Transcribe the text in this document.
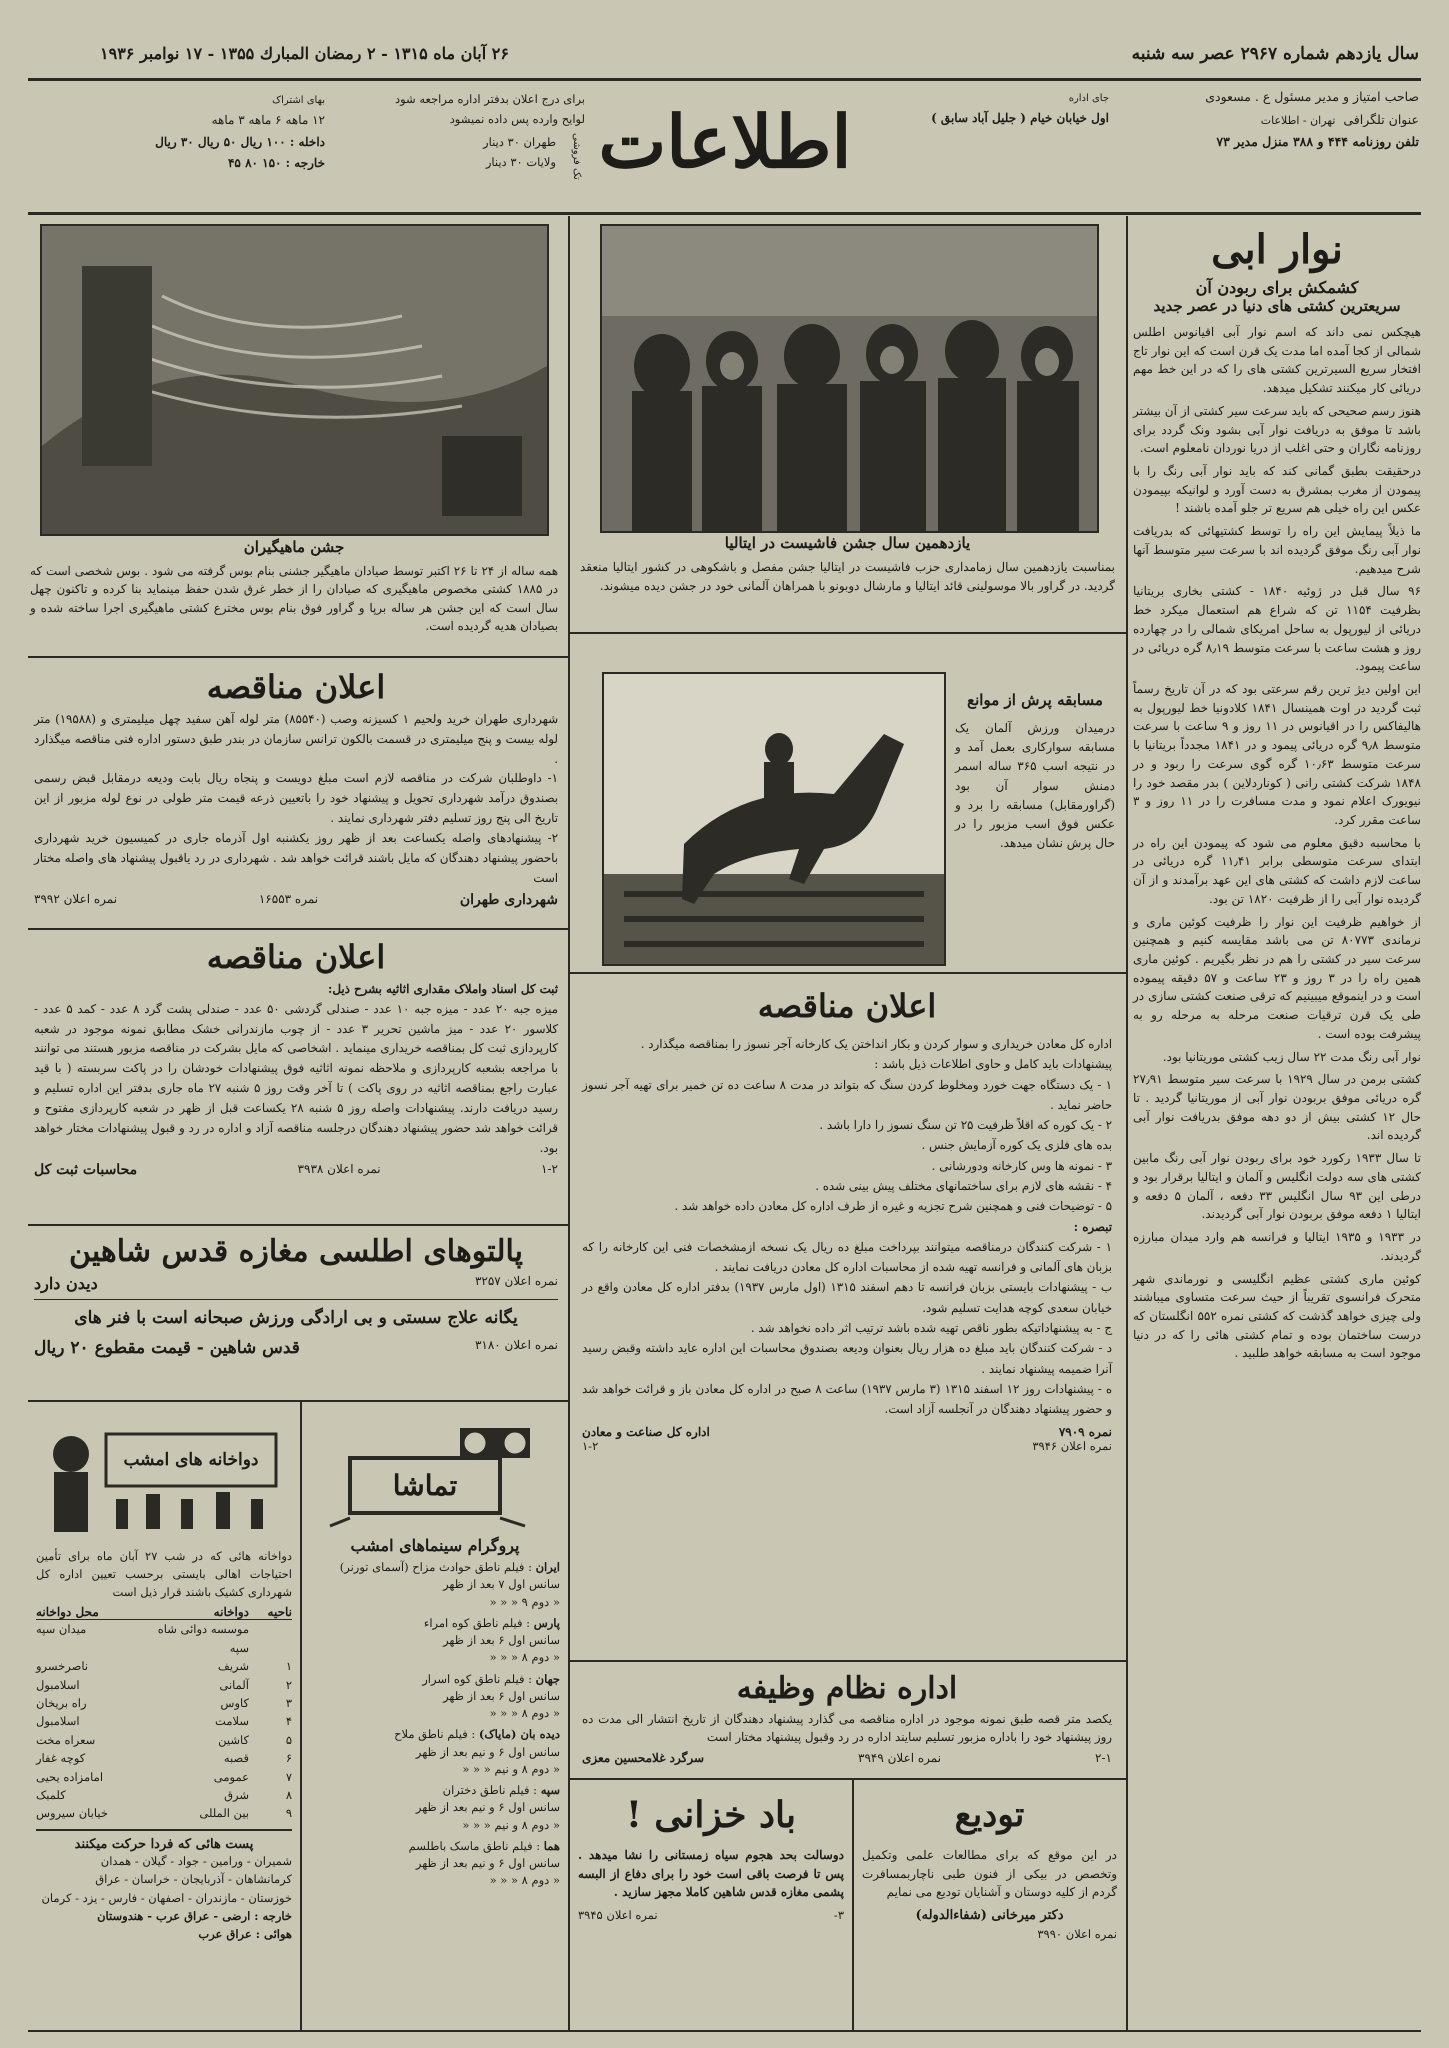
سال یازدهم شماره ۲۹۶۷ عصر سه شنبه
۲۶ آبان ماه ۱۳۱۵ - ۲ رمضان المبارك ۱۳۵۵ - ۱۷ نوامبر ۱۹۳۶
صاحب امتیاز و مدیر مسئول ع . مسعودی
عنوان تلگرافی  تهران - اطلاعات
تلفن روزنامه ۴۴۴ و ۳۸۸ منزل مدیر ۷۳
جای اداره
اول خیابان خیام ( جلیل آباد سابق )
اطلاعات
برای درج اعلان بدفتر اداره مراجعه شود
لوایح وارده پس داده نمیشود
تک فروشی
طهران ۳۰ دینار
ولایات ۳۰ دینار
بهای اشتراک
۱۲ ماهه ۶ ماهه ۳ ماهه
داخله : ۱۰۰ ریال ۵۰ ریال ۳۰ ریال
خارجه : ۱۵۰ ۸۰ ۴۵
نوار ابی
کشمکش برای ربودن آن
سریعترین کشتی های دنیا در عصر جدید

هیچکس نمی داند که اسم نوار آبی اقیانوس اطلس شمالی از کجا آمده اما مدت یک قرن است که این نوار تاج افتخار سریع السیرترین کشتی های را که در این خط مهم دریائی کار میکنند تشکیل میدهد.

هنوز رسم صحیحی که باید سرعت سیر کشتی از آن بیشتر باشد تا موفق به دریافت نوار آبی بشود ونک گردد برای روزنامه نگاران و حتی اغلب از دریا نوردان نامعلوم است.

درحقیقت بطبق گمانی کند که باید نوار آبی رنگ را با پیمودن از مغرب بمشرق به دست آورد و لوانیکه بپیمودن عکس این راه خیلی هم سریع تر جلو آمده باشند !

ما ذیلاً پیمایش این راه را توسط کشتیهائی که بدریافت نوار آبی رنگ موفق گردیده اند با سرعت سیر متوسط آنها شرح میدهیم.

۹۶ سال قبل در ژوئیه ۱۸۴۰ - کشتی بخاری بریتانیا بظرفیت ۱۱۵۴ تن که شراع هم استعمال میکرد خط دریائی از لیورپول به ساحل امریکای شمالی را در چهارده روز و هشت ساعت با سرعت متوسط ۸٫۱۹ گره دریائی در ساعت پیمود.

این اولین دیژ ترین رقم سرعتی بود که در آن تاریخ رسماً ثبت گردید در اوت همینسال ۱۸۴۱ کلادونیا خط لیورپول به هالیفاکس را در اقیانوس در ۱۱ روز و ۹ ساعت با سرعت متوسط ۹٫۸ گره دریائی پیمود و در ۱۸۴۱ مجدداً بریتانیا با سرعت متوسط ۱۰٫۶۳ گره گوی سرعت را ربود و در ۱۸۴۸ شرکت کشتی رانی ( کوناردلاین ) بدر مقصد خود را نیویورک اعلام نمود و مدت مسافرت را در ۱۱ روز و ۳ ساعت مقرر کرد.

با محاسبه دقیق معلوم می شود که پیمودن این راه در ابتدای سرعت متوسطی برابر ۱۱٫۴۱ گره دریائی در ساعت لازم داشت که کشتی های این عهد برآمدند و از آن گردیده نوار آبی را از ظرفیت ۱۸۲۰ تن بود.

از خواهیم ظرفیت این نوار را ظرفیت کوئین ماری و نرماندی ۸۰۷۷۳ تن می باشد مقایسه کنیم و همچنین سرعت سیر در کشتی را هم در نظر بگیریم . کوئین ماری همین راه را در ۳ روز و ۲۳ ساعت و ۵۷ دقیقه پیموده است و در اینموقع میبینیم که ترقی صنعت کشتی سازی در طی یک قرن ترقیات صنعت مرحله به مرحله رو به پیشرفت بوده است .

نوار آبی رنگ مدت ۲۲ سال زیب کشتی موریتانیا بود.

کشتی برمن در سال ۱۹۲۹ با سرعت سیر متوسط ۲۷٫۹۱ گره دریائی موفق بربودن نوار آبی از موریتانیا گردید . تا حال ۱۲ کشتی بیش از دو دهه موفق بدریافت نوار آبی گردیده اند.

تا سال ۱۹۳۳ رکورد خود برای ربودن نوار آبی رنگ مابین کشتی های سه دولت انگلیس و آلمان و ایتالیا برقرار بود و درطی این ۹۳ سال انگلیس ۳۳ دفعه ، آلمان ۵ دفعه و ایتالیا ۱ دفعه موفق بربودن نوار آبی گردیدند.

در ۱۹۳۳ و ۱۹۳۵ ایتالیا و فرانسه هم وارد میدان مبارزه گردیدند.

کوئین ماری کشتی عظیم انگلیسی و نورماندی شهر متحرک فرانسوی تقریباً از حیث سرعت متساوی میباشند ولی چیزی خواهد گذشت که کشتی نمره ۵۵۲ انگلستان که درست ساختمان بوده و تمام کشتی هائی را که در دنیا موجود است به مسابقه خواهد طلبید .

یازدهمین سال جشن فاشیست در ایتالیا
بمناسبت یازدهمین سال زمامداری حزب فاشیست در ایتالیا جشن مفصل و باشکوهی در کشور ایتالیا منعقد گردید. در گراور بالا موسولینی قائد ایتالیا و مارشال دوبونو با همراهان آلمانی خود در جشن دیده میشوند.
مسابقه پرش از موانع
درمیدان ورزش آلمان یک مسابقه سوارکاری بعمل آمد و در نتیجه اسب ۳۶۵ ساله اسمر دمنش سوار آن بود (گراورمقابل) مسابقه را برد و عکس فوق اسب مزبور را در حال پرش نشان میدهد.
اعلان مناقصه
اداره کل معادن خریداری و سوار کردن و بکار انداختن یک کارخانه آجر نسوز را بمناقصه میگذارد .
پیشنهادات باید کامل و حاوی اطلاعات ذیل باشد :
۱ - یک دستگاه جهت خورد ومخلوط کردن سنگ که بتواند در مدت ۸ ساعت ده تن خمیر برای تهیه آجر نسوز حاضر نماید .
۲ - یک کوره که اقلاً ظرفیت ۲۵ تن سنگ نسوز را دارا باشد .
بده های فلزی یک کوره آزمایش جنس .
۳ - نمونه ها وس کارخانه ودورشانی .
۴ - نقشه های لازم برای ساختمانهای مختلف پیش بینی شده .
۵ - توضیحات فنی و همچنین شرح تجزیه و غیره از طرف اداره کل معادن داده خواهد شد .
تبصره :
۱ - شرکت کنندگان درمناقصه میتوانند بپرداخت مبلغ ده ریال یک نسخه ازمشخصات فنی این کارخانه را که بزبان های آلمانی و فرانسه تهیه شده از محاسبات اداره کل معادن دریافت نمایند .
ب - پیشنهادات بایستی بزبان فرانسه تا دهم اسفند ۱۳۱۵ (اول مارس ۱۹۳۷) بدفتر اداره کل معادن واقع در خیابان سعدی کوچه هدایت تسلیم شود.
ج - به پیشنهاداتیکه بطور ناقص تهیه شده باشد ترتیب اثر داده نخواهد شد .
د - شرکت کنندگان باید مبلغ ده هزار ریال بعنوان ودیعه بصندوق محاسبات این اداره عاید داشته وقبض رسید آنرا ضمیمه پیشنهاد نمایند .
ه - پیشنهادات روز ۱۲ اسفند ۱۳۱۵ (۳ مارس ۱۹۳۷) ساعت ۸ صبح در اداره کل معادن باز و قرائت خواهد شد و حضور پیشنهاد دهندگان در آنجلسه آزاد است.
نمره ۷۹۰۹
اداره کل صناعت و معادن
نمره اعلان ۳۹۴۶
۱-۲
اداره نظام وظیفه
یکصد متر قصه طبق نمونه موجود در اداره مناقصه می گذارد پیشنهاد دهندگان از تاریخ انتشار الی مدت ده روز پیشنهاد خود را باداره مزبور تسلیم سایند اداره در رد وقبول پیشنهاد مختار است
۲-۱
نمره اعلان ۳۹۴۹
سرگرد غلامحسین معزی
تودیع
در این موقع که برای مطالعات علمی وتکمیل وتخصص در بیکی از فنون طبی ناچاربمسافرت گردم از کلیه دوستان و آشنایان تودیع می نمایم
دکتر میرخانی (شفاءالدوله)
نمره اعلان ۳۹۹۰
باد خزانی !
دوسالت بحد هجوم سیاه زمستانی را نشا میدهد . پس تا فرصت باقی است خود را برای دفاع از البسه پشمی مغازه قدس شاهین کاملا مجهز سازید .
۳-
نمره اعلان ۳۹۴۵
جشن ماهیگیران
همه ساله از ۲۴ تا ۲۶ اکتبر توسط صیادان ماهیگیر جشنی بنام بوس گرفته می شود . بوس شخصی است که در ۱۸۸۵ کشتی مخصوص ماهیگیری که صیادان را از خطر غرق شدن حفظ مینماید بنا کرده و تاکنون چهل سال است که این جشن هر ساله برپا و گراور فوق بنام بوس مخترع کشتی ماهیگیری اجرا ساخته شده و بصیادان هدیه گردیده است.
اعلان مناقصه
شهرداری طهران خرید ولحیم ۱ کسیزنه وصب (۸۵۵۴۰) متر لوله آهن سفید چهل میلیمتری و (۱۹۵۸۸) متر لوله بیست و پنج میلیمتری در قسمت بالکون ترانس سازمان در بندر طبق دستور اداره فنی مناقصه میگذارد .
۱- داوطلبان شرکت در مناقصه لازم است مبلغ دویست و پنجاه ریال بابت ودیعه درمقابل قبض رسمی بصندوق درآمد شهرداری تحویل و پیشنهاد خود را باتعیین ذرعه قیمت متر طولی در نوع لوله مزبور از این تاریخ الی پنج روز تسلیم دفتر شهرداری نمایند .
۲- پیشنهادهای واصله یکساعت بعد از ظهر روز یکشنبه اول آذرماه جاری در کمیسیون خرید شهرداری باحضور پیشنهاد دهندگان که مایل باشند قرائت خواهد شد . شهرداری در رد یاقبول پیشنهاد های واصله مختار است
شهرداری طهران
نمره ۱۶۵۵۳
نمره اعلان ۳۹۹۲
اعلان مناقصه
ثبت کل اسناد واملاک مقداری اثاثیه بشرح ذیل:
میزه جبه ۲۰ عدد - میزه جبه ۱۰ عدد - صندلی گردشی ۵۰ عدد - صندلی پشت گرد ۸ عدد - کمد ۵ عدد - کلاسور ۲۰ عدد - میز ماشین تحریر ۳ عدد - از چوب مازندرانی خشک مطابق نمونه موجود در شعبه کارپردازی ثبت کل بمناقصه خریداری مینماید . اشخاصی که مایل بشرکت در مناقصه مزبور هستند می توانند با مراجعه بشعبه کارپردازی و ملاحظه نمونه اثاثیه فوق پیشنهادات خودشان را در پاکت سربسته ( با قید عبارت راجع بمناقصه اثاثیه در روی پاکت ) تا آخر وقت روز ۵ شنبه ۲۷ ماه جاری بدفتر این اداره تسلیم و رسید دریافت دارند. پیشنهادات واصله روز ۵ شنبه ۲۸ یکساعت قبل از ظهر در شعبه کارپردازی مفتوح و قرائت خواهد شد حضور پیشنهاد دهندگان درجلسه مناقصه آزاد و اداره در رد و قبول پیشنهادات مختار خواهد بود.
۱-۲
نمره اعلان ۳۹۳۸
محاسبات ثبت کل
پالتوهای اطلسی مغازه قدس شاهین
نمره اعلان ۳۲۵۷
دیدن دارد
یگانه علاج سستی و بی ارادگی ورزش صبحانه است با فنر های
نمره اعلان ۳۱۸۰
قدس شاهین - قیمت مقطوع ۲۰ ریال
تماشا
پروگرام سینماهای امشب
ایران : فیلم ناطق حوادث مزاح (آسمای تورنر)
سانس اول ۷ بعد از ظهر
« دوم ۹ « « «
پارس : فیلم ناطق کوه امراء
سانس اول ۶ بعد از ظهر
« دوم ۸ « « «
جهان : فیلم ناطق کوه اسرار
سانس اول ۶ بعد از ظهر
« دوم ۸ « « «
دیده بان (مایاک) : فیلم ناطق ملاح
سانس اول ۶ و نیم بعد از ظهر
« دوم ۸ و نیم « « «
سپه : فیلم ناطق دختران
سانس اول ۶ و نیم بعد از ظهر
« دوم ۸ و نیم « « «
هما : فیلم ناطق ماسک باطلسم
سانس اول ۶ و نیم بعد از ظهر
« دوم ۸ « « «
دواخانه های امشب
دواخانه هائی که در شب ۲۷ آبان ماه برای تأمین احتیاجات اهالی بایستی برحسب تعیین اداره کل شهرداری کشیک باشند قرار ذیل است
ناحیه
دواخانه
محل دواخانه
موسسه دوائی شاه سپه
میدان سپه
۱
شریف
ناصرخسرو
۲
آلمانی
اسلامبول
۳
کاوس
راه بریخان
۴
سلامت
اسلامبول
۵
کاشین
سعراه مخت
۶
قصبه
کوچه غفار
۷
عمومی
امامزاده یحیی
۸
شرق
کلمبک
۹
بین المللی
خیابان سیروس
پست هائی که فردا حرکت میکنند
شمیران - ورامین - جواد - گیلان - همدان
کرمانشاهان - آذربایجان - خراسان - عراق
خوزستان - مازندران - اصفهان - فارس - یزد - کرمان
خارجه : ارضی - عراق عرب - هندوستان
هوائی : عراق عرب
